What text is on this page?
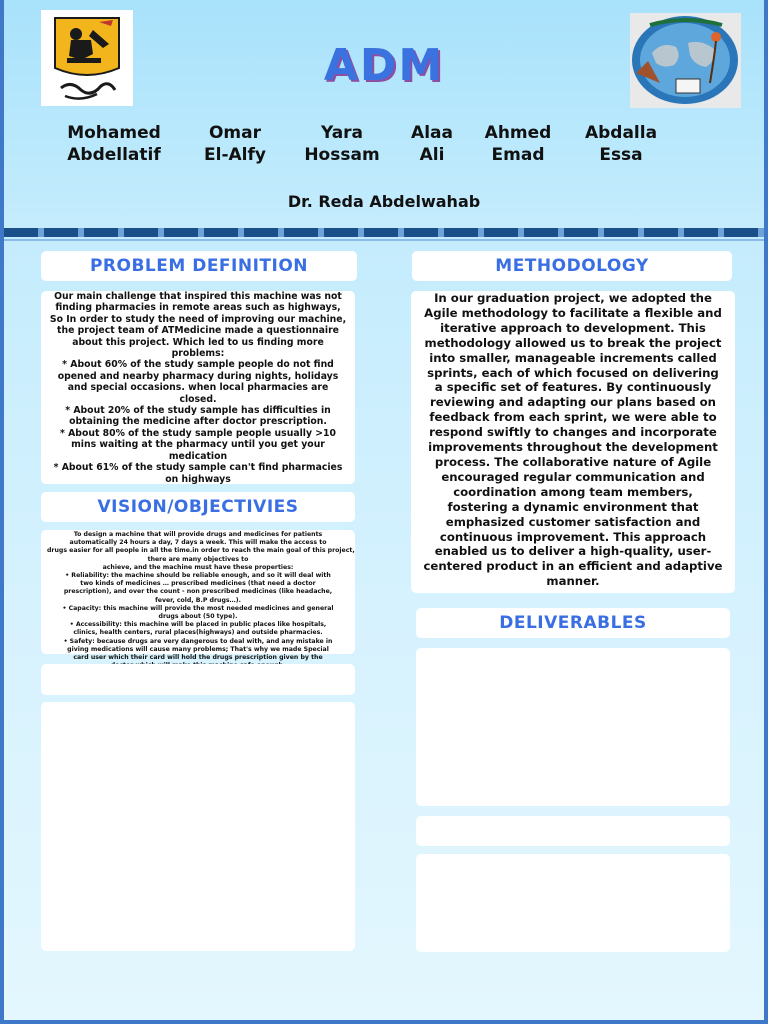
ADM
Mohamed
Abdellatif
Omar
El-Alfy
Yara
Hossam
Alaa
Ali
Ahmed
Emad
Abdalla
Essa
Dr. Reda Abdelwahab
PROBLEM DEFINITION
Our main challenge that inspired this machine was not
finding pharmacies in remote areas such as highways,
So In order to study the need of improving our machine,
the project team of ATMedicine made a questionnaire
about this project. Which led to us finding more
problems:
* About 60% of the study sample people do not find
opened and nearby pharmacy during nights, holidays
and special occasions. when local pharmacies are
closed.
* About 20% of the study sample has difficulties in
obtaining the medicine after doctor prescription.
* About 80% of the study sample people usually >10
mins waiting at the pharmacy until you get your
medication
* About 61% of the study sample can't find pharmacies
on highways
VISION/OBJECTIVIES
To design a machine that will provide drugs and medicines for patients
automatically 24 hours a day, 7 days a week. This will make the access to
drugs easier for all people in all the time.in order to reach the main goal of this project,
there are many objectives to
achieve, and the machine must have these properties:
• Reliability: the machine should be reliable enough, and so it will deal with
two kinds of medicines … prescribed medicines (that need a doctor
prescription), and over the count - non prescribed medicines (like headache,
fever, cold, B.P drugs…).
• Capacity: this machine will provide the most needed medicines and general
drugs about (50 type).
• Accessibility: this machine will be placed in public places like hospitals,
clinics, health centers, rural places(highways) and outside pharmacies.
• Safety: because drugs are very dangerous to deal with, and any mistake in
giving medications will cause many problems; That's why we made Special
card user which their card will hold the drugs prescription given by the
METHODOLOGY
In our graduation project, we adopted the
Agile methodology to facilitate a flexible and
iterative approach to development. This
methodology allowed us to break the project
into smaller, manageable increments called
sprints, each of which focused on delivering
a specific set of features. By continuously
reviewing and adapting our plans based on
feedback from each sprint, we were able to
respond swiftly to changes and incorporate
improvements throughout the development
process. The collaborative nature of Agile
encouraged regular communication and
coordination among team members,
fostering a dynamic environment that
emphasized customer satisfaction and
continuous improvement. This approach
enabled us to deliver a high-quality, user-
centered product in an efficient and adaptive
manner.
DELIVERABLES
